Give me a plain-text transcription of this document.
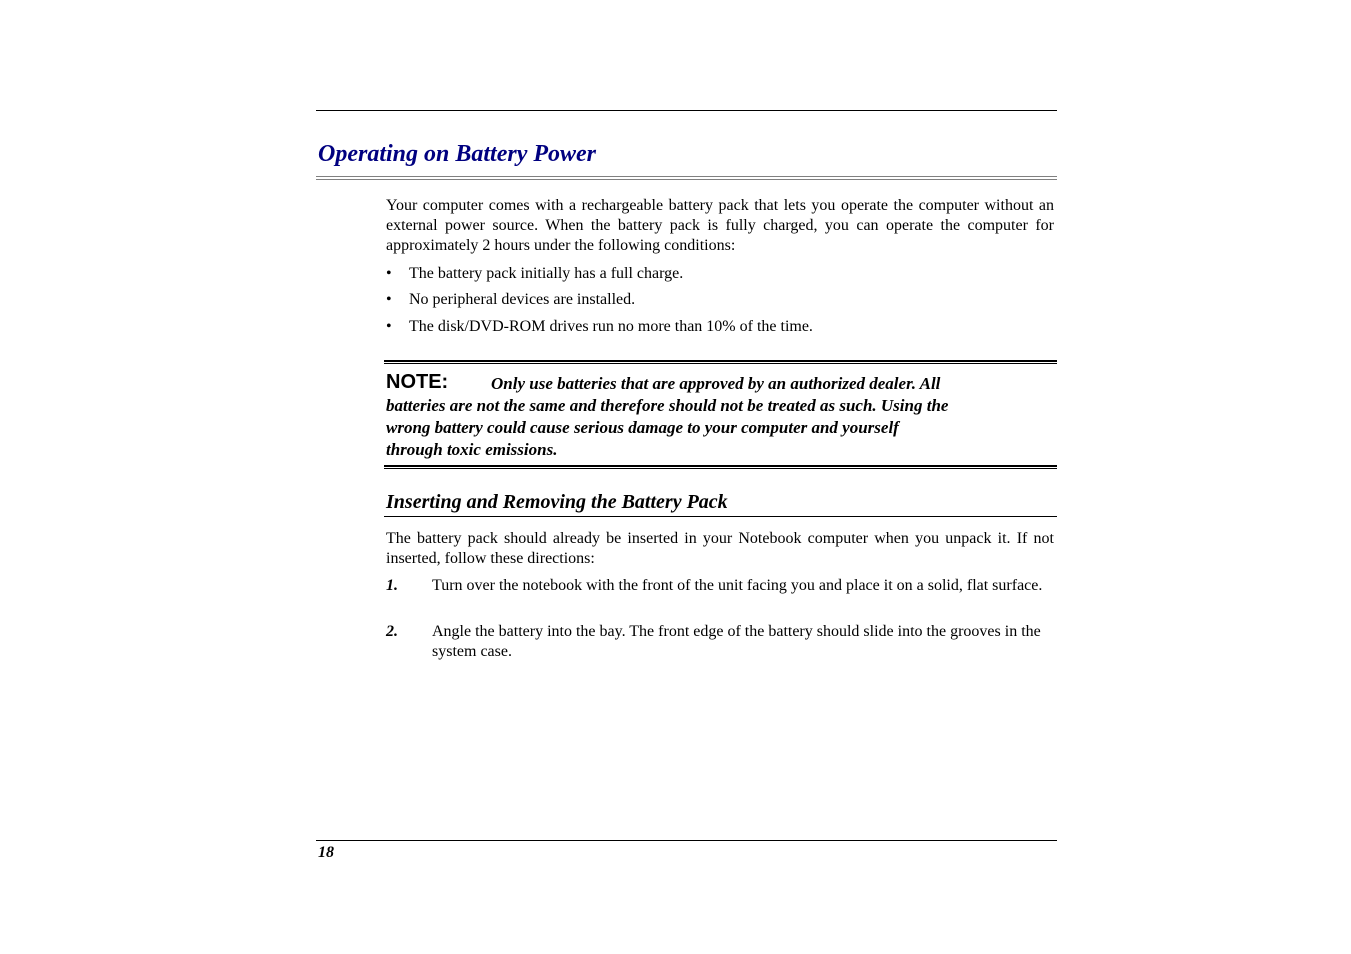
Operating on Battery Power

Your computer comes with a rechargeable battery pack that lets you operate the computer without an external power source. When the battery pack is fully charged, you can operate the computer for approximately 2 hours under the following conditions:

•	The battery pack initially has a full charge.
•	No peripheral devices are installed.
•	The disk/DVD-ROM drives run no more than 10% of the time.
NOTE:	Only use batteries that are approved by an authorized dealer. All
batteries are not the same and therefore should not be treated as such. Using the
wrong battery could cause serious damage to your computer and yourself
through toxic emissions.
Inserting and Removing the Battery Pack

The battery pack should already be inserted in your Notebook computer when you unpack it. If not inserted, follow these directions:

1. Turn over the notebook with the front of the unit facing you and place it on a solid, flat surface.
2. Angle the battery into the bay. The front edge of the battery should slide into the grooves in the system case.
18
